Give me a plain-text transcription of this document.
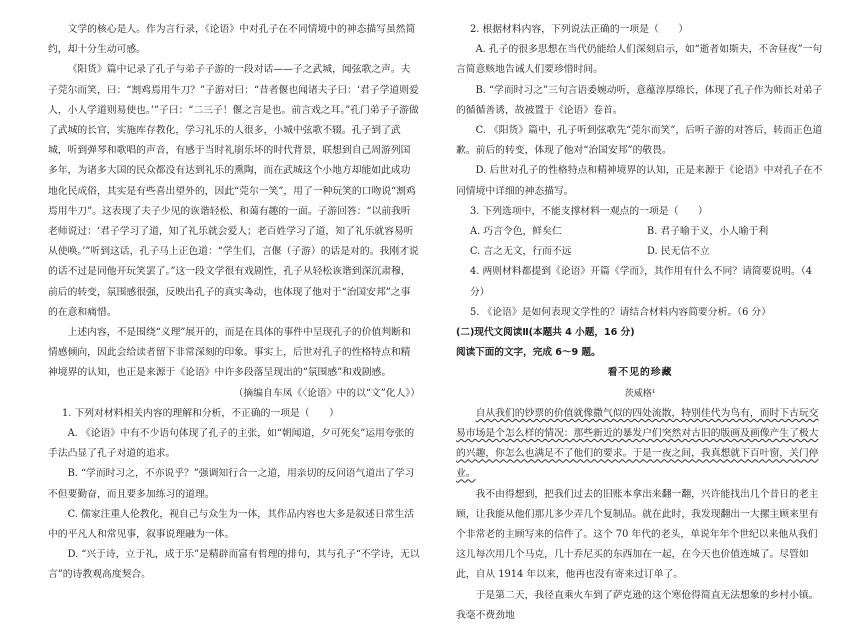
文学的核心是人。作为言行录，《论语》中对孔子在不同情境中的神态描写虽然简约，却十分生动可感。

《阳货》篇中记录了孔子与弟子子游的一段对话——子之武城，闻弦歌之声。夫子莞尔而笑，曰：“割鸡焉用牛刀？”子游对曰：“昔者偃也闻诸夫子曰：‘君子学道则爱人，小人学道则易使也。’”子曰：“二三子！偃之言是也。前言戏之耳。”孔门弟子子游做了武城的长官，实施库存教化，学习礼乐的人很多，小城中弦歌不辍。孔子到了武城，听到弹琴和歌唱的声音，有感于当时礼崩乐坏的时代背景，联想到自己周游列国多年，为诸多大国的民众都没有达到礼乐的熏陶，而在武城这个小地方却能如此成功地化民成俗，其实是有些喜出望外的，因此“莞尔一笑”，用了一种玩笑的口吻说“割鸡焉用牛刀”。这表现了夫子少见的诙谐轻松、和蔼有趣的一面。子游回答：“以前我听老师说过：‘君子学习了道，知了礼乐就会爱人；老百姓学习了道，知了礼乐就容易听从使唤。’”听到这话，孔子马上正色道：“学生们，言偃（子游）的话是对的。我刚才说的话不过是同他开玩笑罢了。”这一段文学很有戏剧性，孔子从轻松诙谐到深沉肃穆，前后的转变，氛围感很强，反映出孔子的真实촉动，也体现了他对于“治国安邦”之事的在意和痛惜。

上述内容，不是围绕“义理”展开的，而是在具体的事件中呈现孔子的价值判断和情感倾向，因此会给读者留下非常深刻的印象。事实上，后世对孔子的性格特点和精神境界的认知，也正是来源于《论语》中许多段落呈现出的“氛围感”和戏剧感。

（摘编自车凤《〈论语〉中的以“文”化人》）

1. 下列对材料相关内容的理解和分析，不正确的一项是（　　）

A. 《论语》中有不少语句体现了孔子的主张，如“朝闻道，夕可死矣”运用夸张的手法凸显了孔子对道的追求。

B. “学而时习之，不亦说乎？”强调知行合一之道，用亲切的反问语气道出了学习不但要勤奋，而且要多加练习的道理。

C. 儒家注重人伦教化，视自己与众生为一体，其作品内容也大多是叙述日常生活中的平凡人和常见事，叙事说理融为一体。

D. “兴于诗，立于礼，成于乐”是精辟而富有哲理的排句，其与孔子“不学诗，无以言”的诗教观高度契合。

2. 根据材料内容，下列说法正确的一项是（　　）

A. 孔子的很多思想在当代仍能给人们深刻启示，如“逝者如斯夫，不舍昼夜”一句言简意赅地告诫人们要珍惜时间。

B. “学而时习之”三句言语委婉动听，意蕴淳厚绵长，体现了孔子作为师长对弟子的循循善诱，故被置于《论语》卷首。

C. 《阳货》篇中，孔子听到弦歌先“莞尔而笑”，后听子游的对答后，转而正色道歉。前后的转变，体现了他对“治国安邦”的敬畏。

D. 后世对孔子的性格特点和精神境界的认知，正是来源于《论语》中对孔子在不同情境中详细的神态描写。

3. 下列选项中，不能支撑材料一观点的一项是（　　）

A. 巧言令色，鲜矣仁	B. 君子喻于义，小人喻于利
C. 言之无文，行而不远	D. 民无信不立

4. 两则材料都提到《论语》开篇《学而》，其作用有什么不同？请简要说明。（4 分）

5. 《论语》是如何表现文学性的？请结合材料内容简要分析。（6 分）

(二)现代文阅读Ⅱ(本题共 4 小题，16 分)

阅读下面的文字，完成 6～9 题。

看不见的珍藏

茨威格¹

自从我们的钞票的价值就像撒气似的四处流散，特别佳代为鸟有，而时下古玩交易市场是个怎么样的情况：那些新近的暴发户们突然对古旧的版画及画像产生了极大的兴趣，你怎么也满足不了他们的要求。于是一夜之间，我真想就下百叶窗，关门停业。

我不由得想到，把我们过去的旧账本拿出来翻一翻，兴许能找出几个昔日的老主顾，让我能从他们那儿多少弄几个复制品。就在此时，我发现翻出一大摞主顾来里有个非常老的主顾写来的信件了。这个 70 年代的老头，单说年年个世纪以来他从我们这儿每次用几个马克，几十乔尼买的东西加在一起，在今天也价值连城了。尽管如此，自从 1914 年以来，他再也没有寄来过订单了。

于是第二天，我径直乘火车到了萨克逊的这个寒伧得简直无法想象的乡村小镇。我毫不费劲地
